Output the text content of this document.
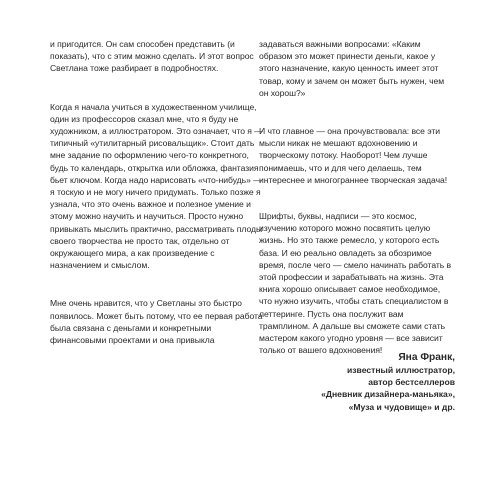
и пригодится. Он сам способен представить (и показать), что с этим можно сделать. И этот вопрос Светлана тоже разбирает в подробностях.

Когда я начала учиться в художественном училище, один из профессоров сказал мне, что я буду не художником, а иллюстратором. Это означает, что я — типичный «утилитарный рисовальщик». Стоит дать мне задание по оформлению чего-то конкретного, будь то календарь, открытка или обложка, фантазия бьет ключом. Когда надо нарисовать «что-нибудь» — я тоскую и не могу ничего придумать. Только позже я узнала, что это очень важное и полезное умение и этому можно научить и научиться. Просто нужно привыкать мыслить практично, рассматривать плоды своего творчества не просто так, отдельно от окружающего мира, а как произведение с назначением и смыслом.

Мне очень нравится, что у Светланы это быстро появилось. Может быть потому, что ее первая работа была связана с деньгами и конкретными финансовыми проектами и она привыкла

задаваться важными вопросами: «Каким образом это может принести деньги, какое у этого назначение, какую ценность имеет этот товар, кому и зачем он может быть нужен, чем он хорош?»

И что главное — она прочувствовала: все эти мысли никак не мешают вдохновению и творческому потоку. Наоборот! Чем лучше понимаешь, что и для чего делаешь, тем интереснее и многограннее творческая задача!

Шрифты, буквы, надписи — это космос, изучению которого можно посвятить целую жизнь. Но это также ремесло, у которого есть база. И ею реально овладеть за обозримое время, после чего — смело начинать работать в этой профессии и зарабатывать на жизнь. Эта книга хорошо описывает самое необходимое, что нужно изучить, чтобы стать специалистом в леттеринге. Пусть она послужит вам трамплином. А дальше вы сможете сами стать мастером какого угодно уровня — все зависит только от вашего вдохновения!

Яна Франк,
известный иллюстратор,
автор бестселлеров
«Дневник дизайнера-маньяка»,
«Муза и чудовище» и др.
